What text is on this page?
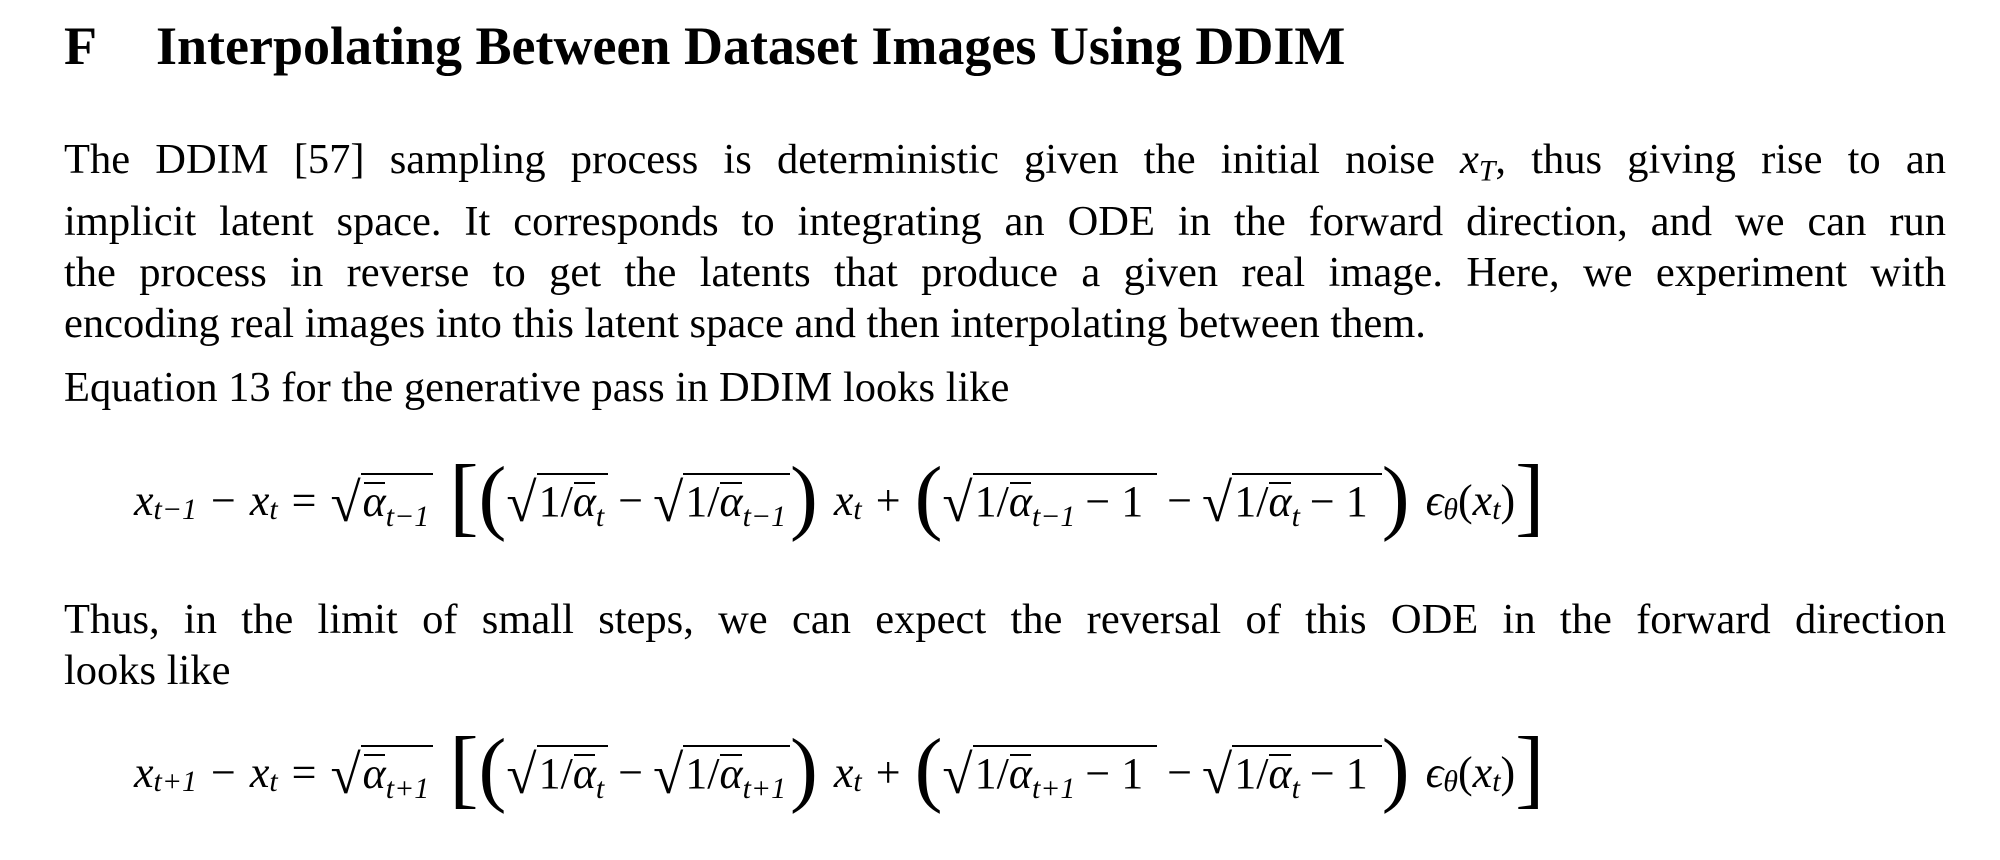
F Interpolating Between Dataset Images Using DDIM

The DDIM [57] sampling process is deterministic given the initial noise $x_T$, thus giving rise to an
implicit latent space. It corresponds to integrating an ODE in the forward direction, and we can run
the process in reverse to get the latents that produce a given real image. Here, we experiment with
encoding real images into this latent space and then interpolating between them.

Equation 13 for the generative pass in DDIM looks like

x t−1 − x t = √ α t−1 [ ( √ 1 / α t − √ 1 / α t−1 ) x t + ( √ 1 / α t−1 − 1 − √ 1 / α t − 1 ) ϵ θ ( x t ) ]

Thus, in the limit of small steps, we can expect the reversal of this ODE in the forward direction
looks like

x t+1 − x t = √ α t+1 [ ( √ 1 / α t − √ 1 / α t+1 ) x t + ( √ 1 / α t+1 − 1 − √ 1 / α t − 1 ) ϵ θ ( x t ) ]
